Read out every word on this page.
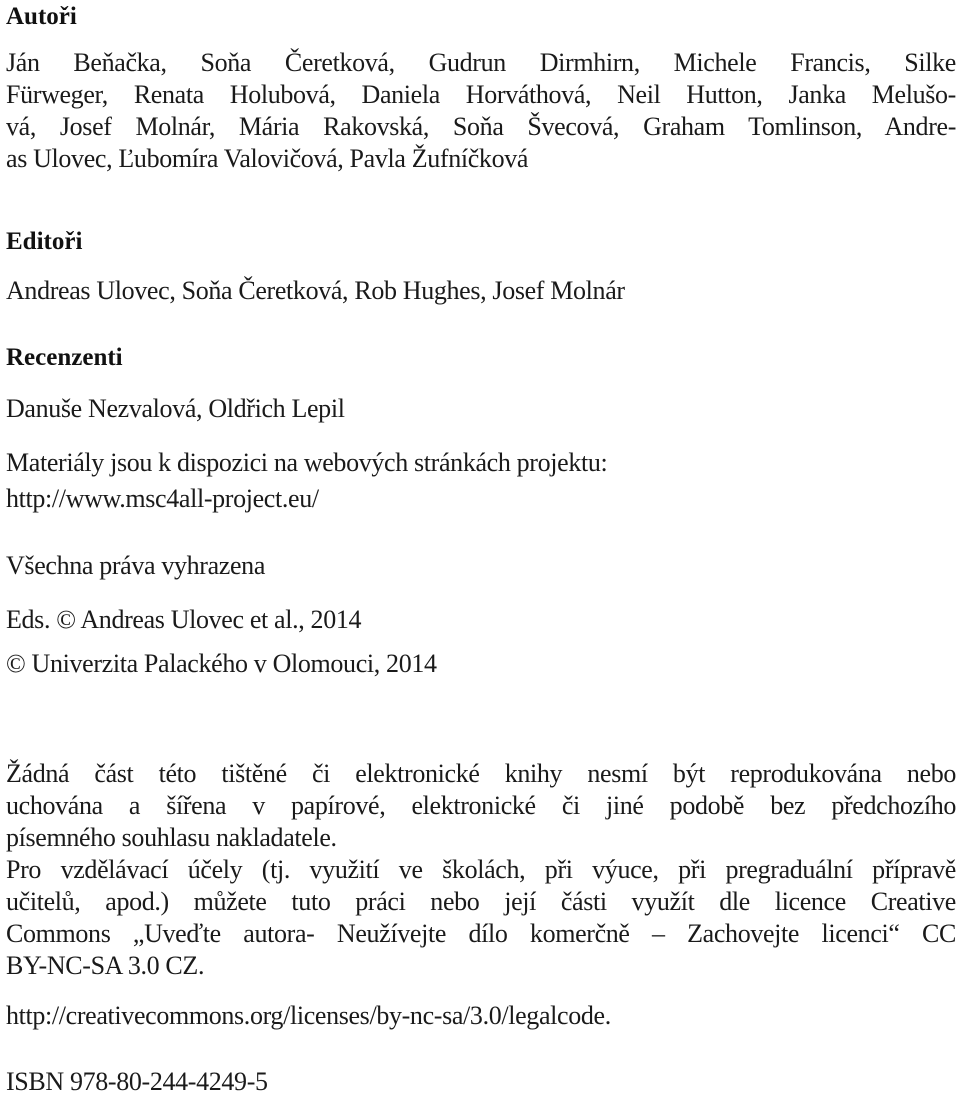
Autoři
Ján Beňačka, Soňa Čeretková, Gudrun Dirmhirn, Michele Francis, Silke
Fürweger, Renata Holubová, Daniela Horváthová, Neil Hutton, Janka Melušo-
vá, Josef Molnár, Mária Rakovská, Soňa Švecová, Graham Tomlinson, Andre-
as Ulovec, Ľubomíra Valovičová, Pavla Žufníčková
Editoři

Andreas Ulovec, Soňa Čeretková, Rob Hughes, Josef Molnár

Recenzenti

Danuše Nezvalová, Oldřich Lepil

Materiály jsou k dispozici na webových stránkách projektu:

http://www.msc4all-project.eu/

Všechna práva vyhrazena

Eds. © Andreas Ulovec et al., 2014

© Univerzita Palackého v Olomouci, 2014

Žádná část této tištěné či elektronické knihy nesmí být reprodukována nebo
uchována a šířena v papírové, elektronické či jiné podobě bez předchozího
písemného souhlasu nakladatele.
Pro vzdělávací účely (tj. využití ve školách, při výuce, při pregraduální přípravě
učitelů, apod.) můžete tuto práci nebo její části využít dle licence Creative
Commons „Uveďte autora- Neužívejte dílo komerčně – Zachovejte licenci“ CC
BY-NC-SA 3.0 CZ.

http://creativecommons.org/licenses/by-nc-sa/3.0/legalcode.

ISBN 978-80-244-4249-5
